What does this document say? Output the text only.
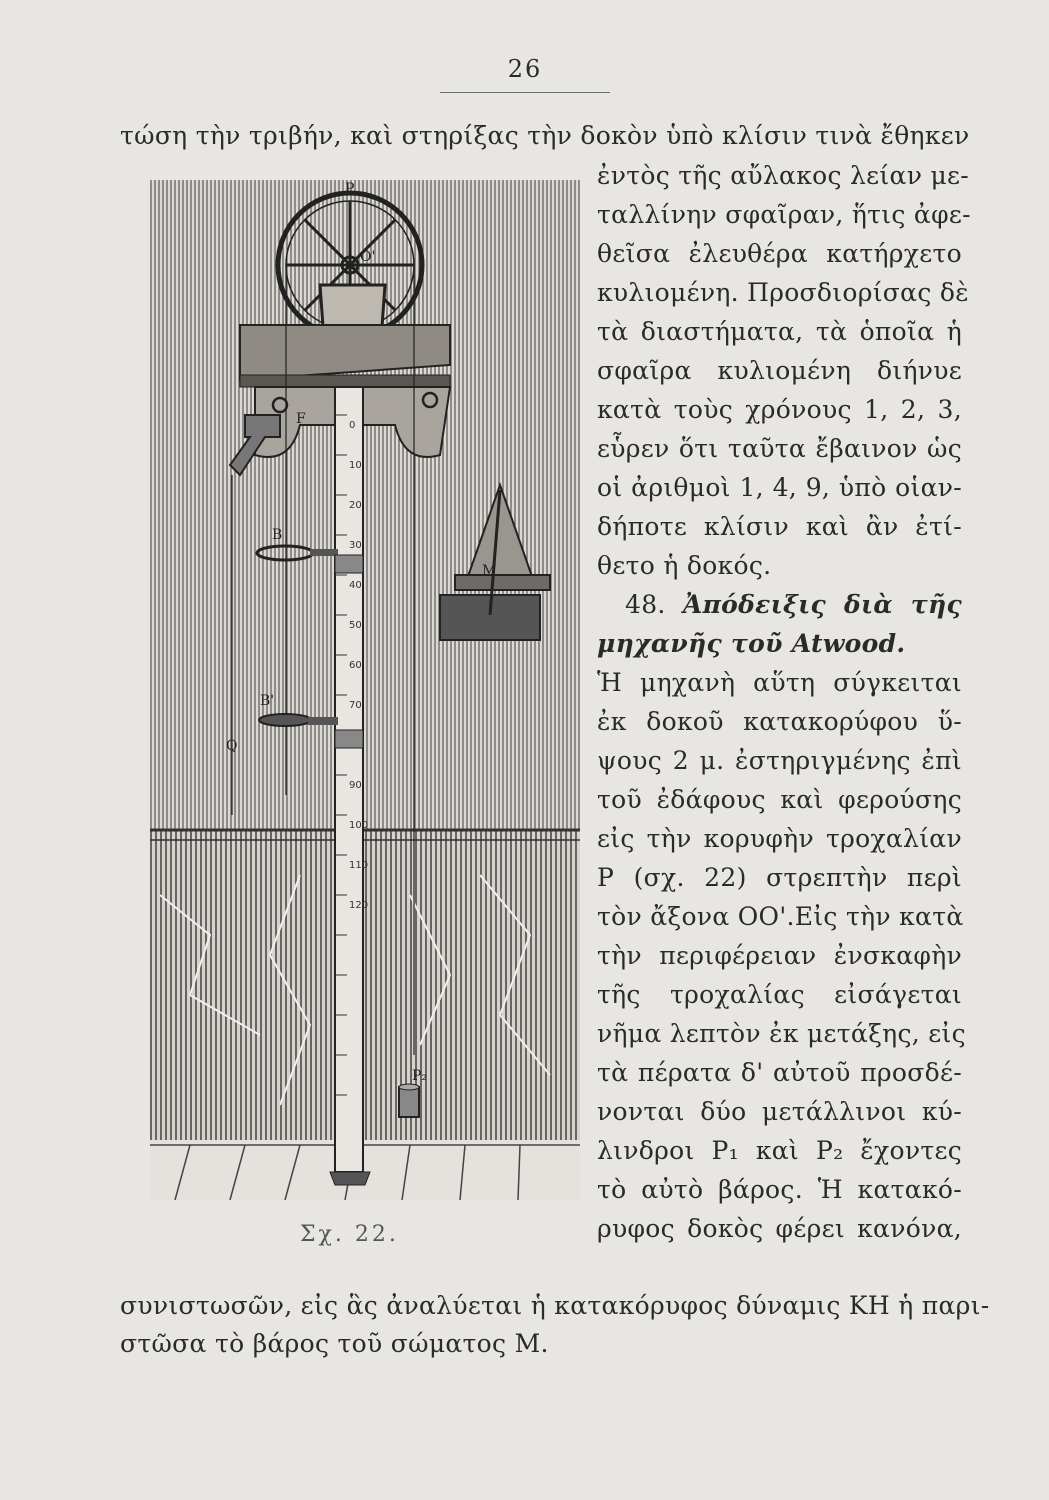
26
τώση τὴν τριβήν, καὶ στηρίξας τὴν δοκὸν ὑπὸ κλίσιν τινὰ ἔθηκεν
ἐντὸς τῆς αὔλακος λείαν με-
ταλλίνην σφαῖραν, ἥτις ἀφε-
θεῖσα ἐλευθέρα κατήρχετο
κυλιομένη. Προσδιορίσας δὲ
τὰ διαστήματα, τὰ ὁποῖα ἡ
σφαῖρα κυλιομένη διήνυε
κατὰ τοὺς χρόνους 1, 2, 3,
εὗρεν ὅτι ταῦτα ἔβαινον ὡς
οἱ ἀριθμοὶ 1, 4, 9, ὑπὸ οἱαν-
δήποτε κλίσιν καὶ ἂν ἐτί-
θετο ἡ δοκός.
48. Ἀπόδειξις διὰ τῆς
μηχανῆς τοῦ Atwood.
Ἡ μηχανὴ αὕτη σύγκειται
ἐκ δοκοῦ κατακορύφου ὕ-
ψους 2 μ. ἐστηριγμένης ἐπὶ
τοῦ ἐδάφους καὶ φερούσης
εἰς τὴν κορυφὴν τροχαλίαν
P (σχ. 22) στρεπτὴν περὶ
τὸν ἄξονα ΟΟ'.Εἰς τὴν κατὰ
τὴν περιφέρειαν ἐνσκαφὴν
τῆς τροχαλίας εἰσάγεται
νῆμα λεπτὸν ἐκ μετάξης, εἰς
τὰ πέρατα δ' αὐτοῦ προσδέ-
νονται δύο μετάλλινοι κύ-
λινδροι P₁ καὶ P₂ ἔχοντες
τὸ αὐτὸ βάρος. Ἡ κατακό-
ρυφος δοκὸς φέρει κανόνα,
0
10
20
30
40
50
60
70
90
100
110
120
P
O'
F
B
B'
M
Q
P₂
Σχ. 22.
συνιστωσῶν, εἰς ἃς ἀναλύεται ἡ κατακόρυφος δύναμις ΚΗ ἡ παρι-
στῶσα τὸ βάρος τοῦ σώματος Μ.
